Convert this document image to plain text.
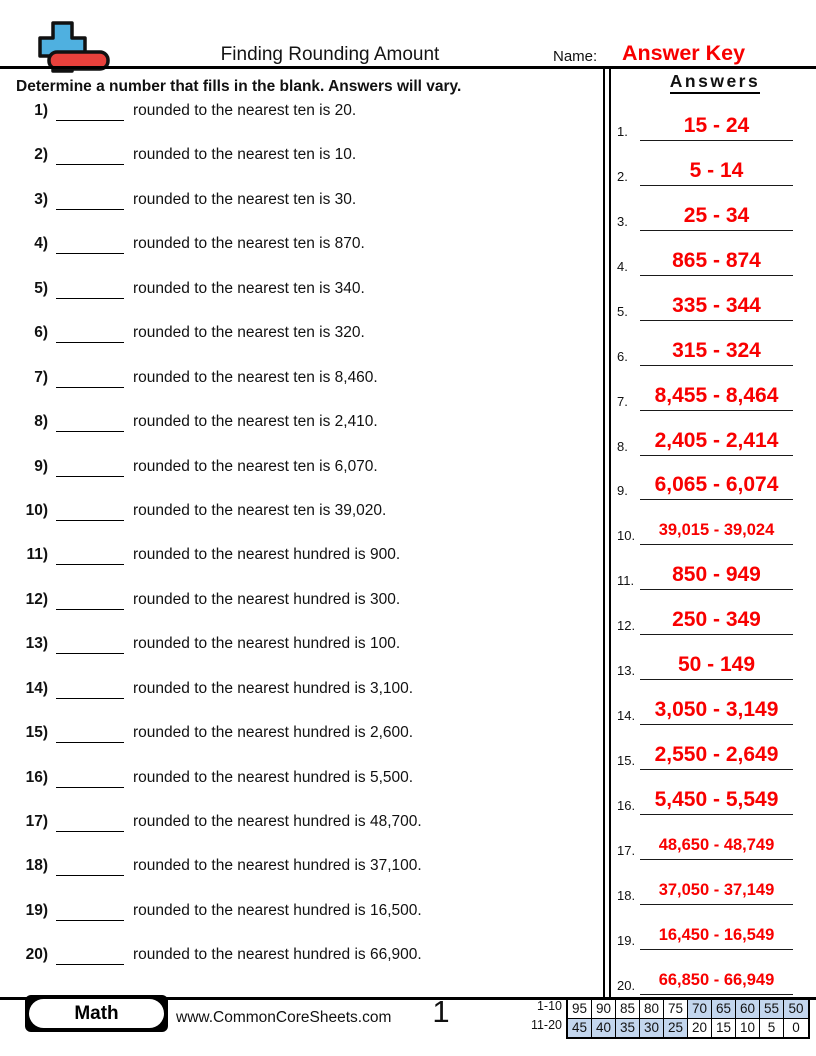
Finding Rounding Amount	Name: Answer Key
Determine a number that fills in the blank. Answers will vary.
1)
	rounded to the nearest ten is 20.
2)
	rounded to the nearest ten is 10.
3)
	rounded to the nearest ten is 30.
4)
	rounded to the nearest ten is 870.
5)
	rounded to the nearest ten is 340.
6)
	rounded to the nearest ten is 320.
7)
	rounded to the nearest ten is 8,460.
8)
	rounded to the nearest ten is 2,410.
9)
	rounded to the nearest ten is 6,070.
10)
	rounded to the nearest ten is 39,020.
11)
	rounded to the nearest hundred is 900.
12)
	rounded to the nearest hundred is 300.
13)
	rounded to the nearest hundred is 100.
14)
	rounded to the nearest hundred is 3,100.
15)
	rounded to the nearest hundred is 2,600.
16)
	rounded to the nearest hundred is 5,500.
17)
	rounded to the nearest hundred is 48,700.
18)
	rounded to the nearest hundred is 37,100.
19)
	rounded to the nearest hundred is 16,500.
20)
	rounded to the nearest hundred is 66,900.
Answers
1.	15 - 24
2.	5 - 14
3.	25 - 34
4.	865 - 874
5.	335 - 344
6.	315 - 324
7.	8,455 - 8,464
8.	2,405 - 2,414
9.	6,065 - 6,074
10.	39,015 - 39,024
11.	850 - 949
12.	250 - 349
13.	50 - 149
14. 3,050 - 3,149
15. 2,550 - 2,649
16. 5,450 - 5,549
17.	48,650 - 48,749
18.	37,050 - 37,149
19.	16,450 - 16,549
20.	66,850 - 66,949
Math	www.CommonCoreSheets.com	1	1-10
11-20
95 90 85 80 75 70 65 60 55 50
45 40 35 30 25 20 15 10 5	0
